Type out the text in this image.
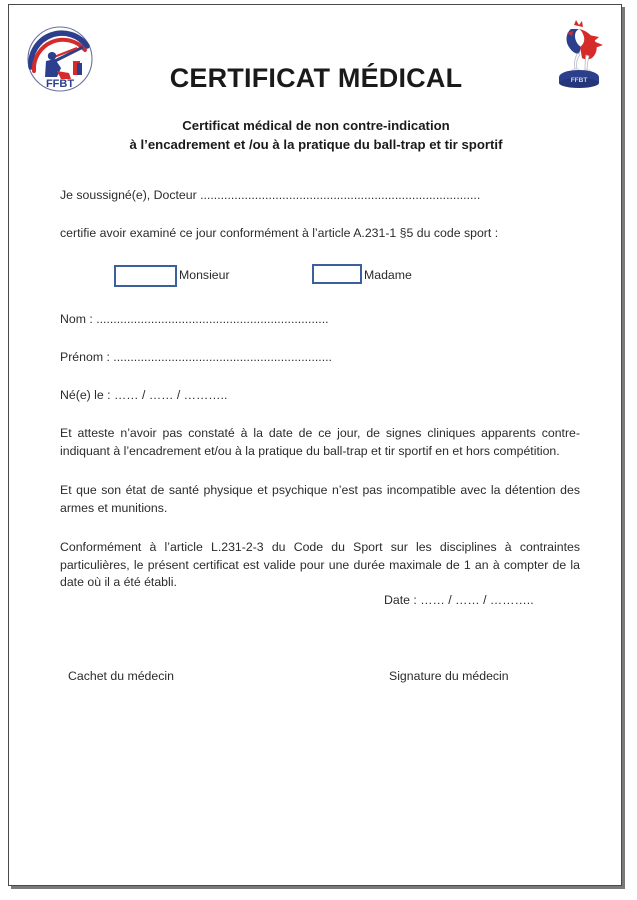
FFBT	FFBT
CERTIFICAT MÉDICAL
Certificat médical de non contre-indication
à l’encadrement et /ou à la pratique du ball-trap et tir sportif
Je soussigné(e), Docteur ..................................................................................
certifie avoir examiné ce jour conformément à l’article A.231-1 §5 du code sport :
Monsieur	Madame
Nom : ....................................................................
Prénom : ................................................................
Né(e) le : …… / …… / ………..
Et atteste n’avoir pas constaté à la date de ce jour, de signes cliniques apparents contre-indiquant à l’encadrement et/ou à la pratique du ball-trap et tir sportif en et hors compétition.
Et que son état de santé physique et psychique n’est pas incompatible avec la détention des armes et munitions.
Conformément à l’article L.231-2-3 du Code du Sport sur les disciplines à contraintes particulières, le présent certificat est valide pour une durée maximale de 1 an à compter de la date où il a été établi.
Date : …… / …… / ………..
Cachet du médecin	Signature du médecin
